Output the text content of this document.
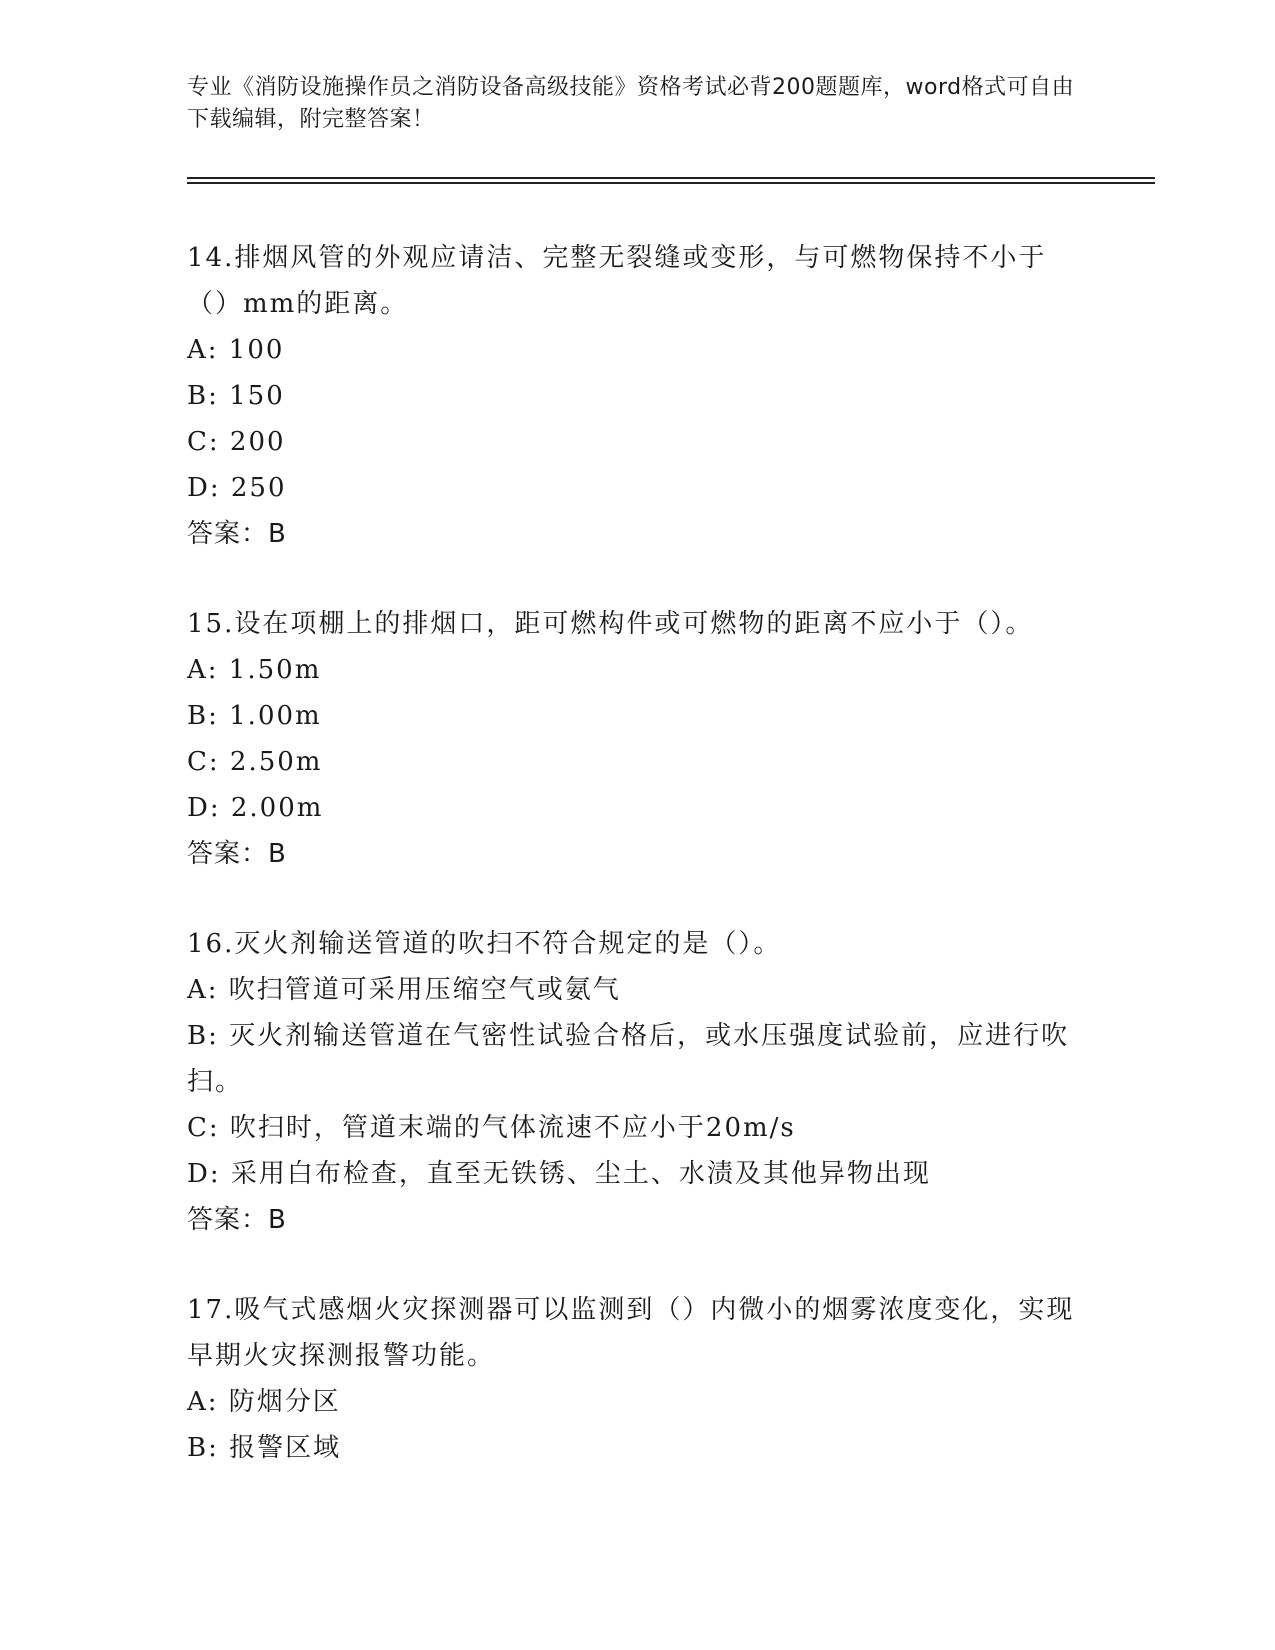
专业《消防设施操作员之消防设备高级技能》资格考试必背200题题库，word格式可自由下载编辑，附完整答案！

14.排烟风管的外观应请洁、完整无裂缝或变形，与可燃物保持不小于（）mm的距离。

A: 100

B: 150

C: 200

D: 250

答案：B

15.设在项棚上的排烟口，距可燃构件或可燃物的距离不应小于（）。

A: 1.50m

B: 1.00m

C: 2.50m

D: 2.00m

答案：B

16.灭火剂输送管道的吹扫不符合规定的是（）。

A: 吹扫管道可采用压缩空气或氨气

B: 灭火剂输送管道在气密性试验合格后，或水压强度试验前，应进行吹扫。

C: 吹扫时，管道末端的气体流速不应小于20m/s

D: 采用白布检查，直至无铁锈、尘土、水渍及其他异物出现

答案：B

17.吸气式感烟火灾探测器可以监测到（）内微小的烟雾浓度变化，实现早期火灾探测报警功能。

A: 防烟分区

B: 报警区域
